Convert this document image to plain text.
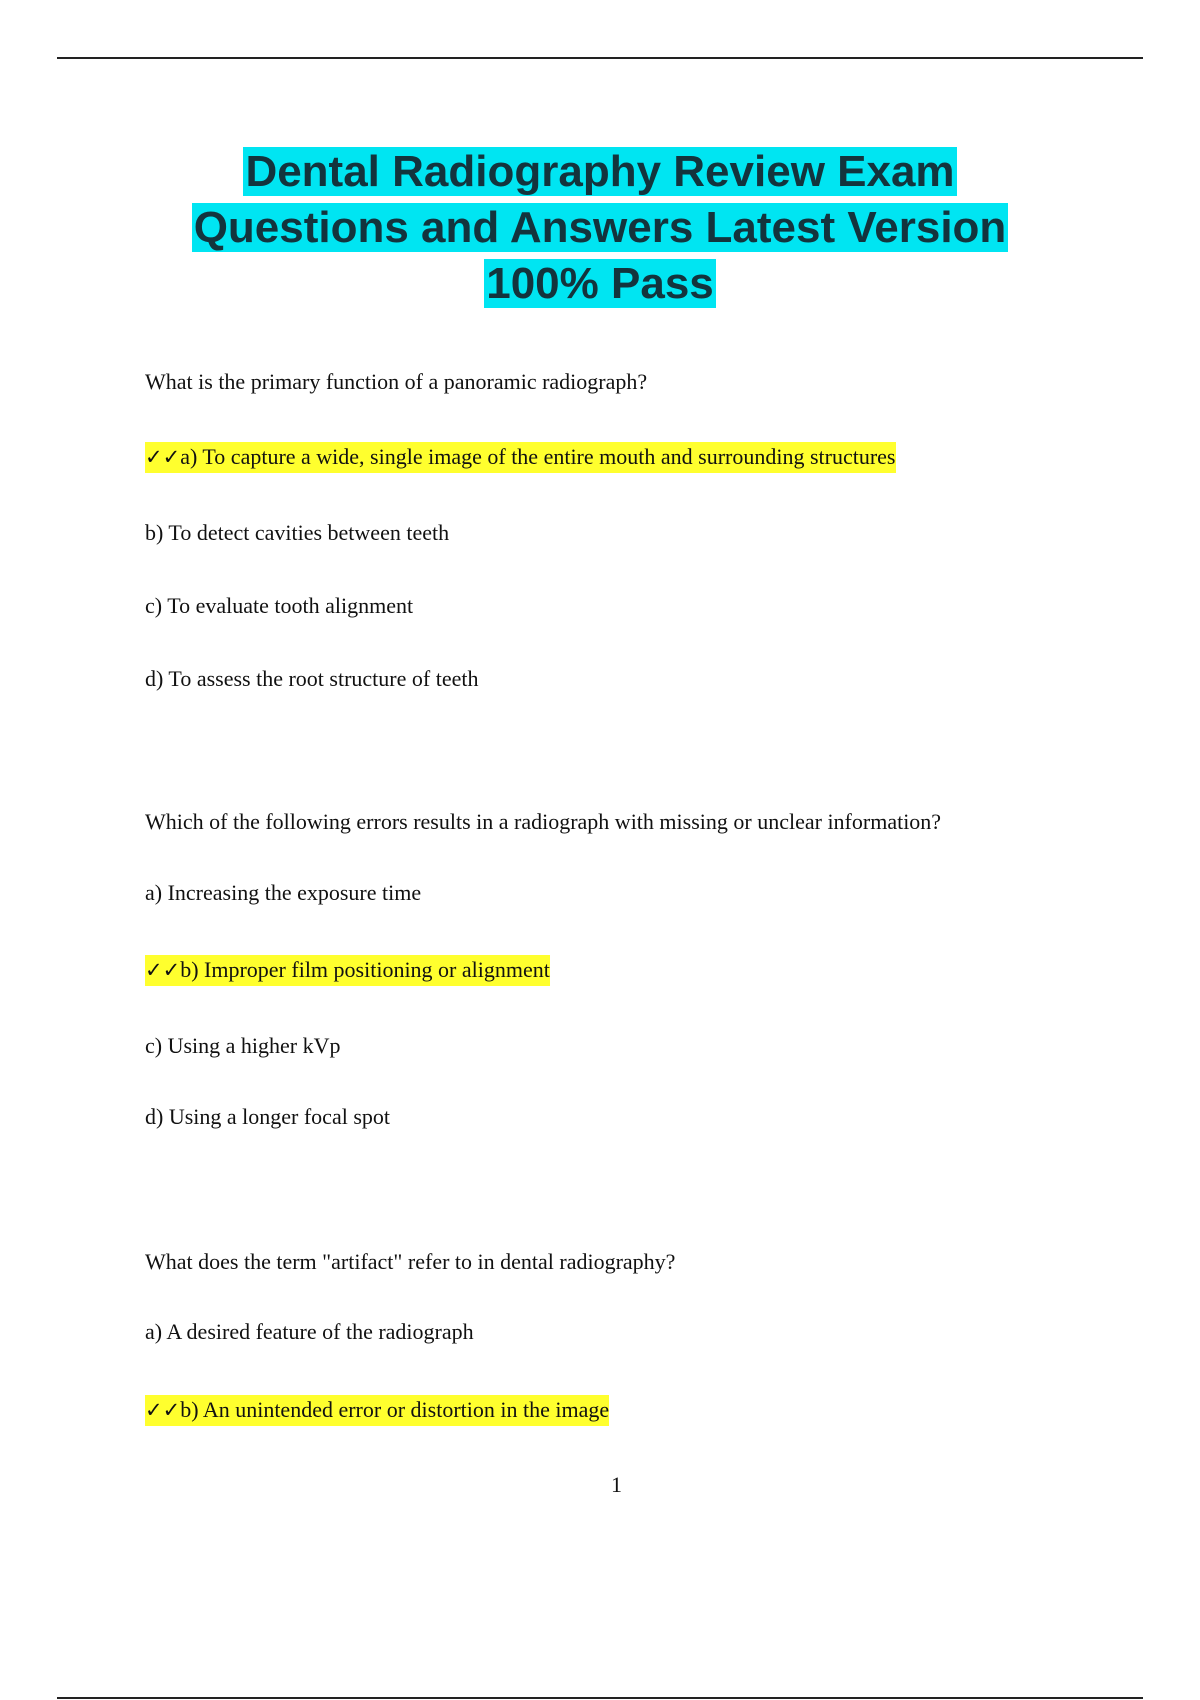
Dental Radiography Review Exam
Questions and Answers Latest Version
100% Pass
What is the primary function of a panoramic radiograph?
✓✓a) To capture a wide, single image of the entire mouth and surrounding structures
b) To detect cavities between teeth
c) To evaluate tooth alignment
d) To assess the root structure of teeth
Which of the following errors results in a radiograph with missing or unclear information?
a) Increasing the exposure time
✓✓b) Improper film positioning or alignment
c) Using a higher kVp
d) Using a longer focal spot
What does the term "artifact" refer to in dental radiography?
a) A desired feature of the radiograph
✓✓b) An unintended error or distortion in the image
1
